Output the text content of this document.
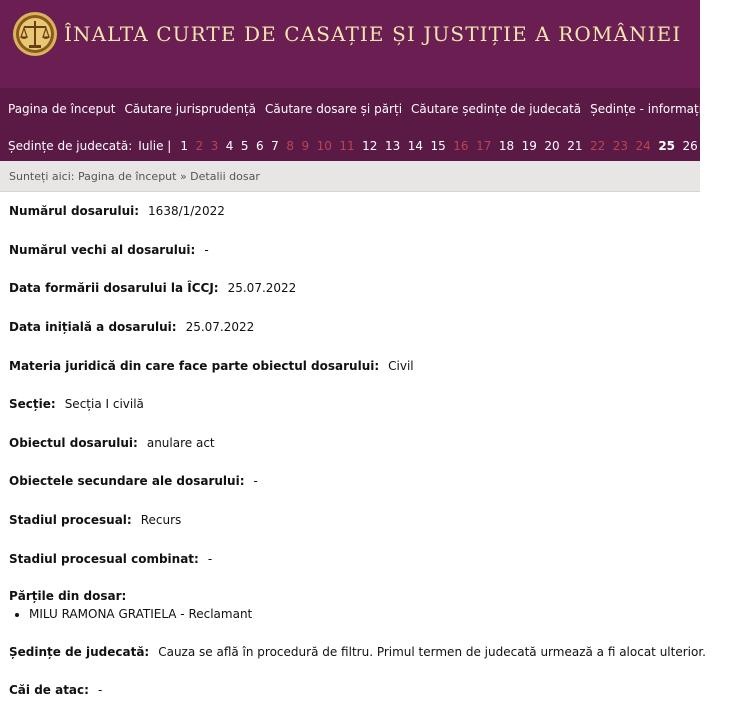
ÎNALTA CURTE DE CASAȚIE ȘI JUSTIȚIE A ROMÂNIEI
Pagina de început Căutare jurisprudență Căutare dosare și părți Căutare ședințe de judecată Ședințe - informații on-line
Ședințe de judecată: Iulie | 1 2 3 4 5 6 7 8 9 10 11 12 13 14 15 16 17 18 19 20 21 22 23 24 25 26 27 28
Sunteți aici: Pagina de început » Detalii dosar
Numărul dosarului: 1638/1/2022
Numărul vechi al dosarului: -
Data formării dosarului la ÎCCJ: 25.07.2022
Data inițială a dosarului: 25.07.2022
Materia juridică din care face parte obiectul dosarului: Civil
Secție: Secția I civilă
Obiectul dosarului: anulare act
Obiectele secundare ale dosarului: -
Stadiul procesual: Recurs
Stadiul procesual combinat: -
Părțile din dosar:
• MILU RAMONA GRATIELA - Reclamant
Ședințe de judecată: Cauza se află în procedură de filtru. Primul termen de judecată urmează a fi alocat ulterior.
Căi de atac: -
